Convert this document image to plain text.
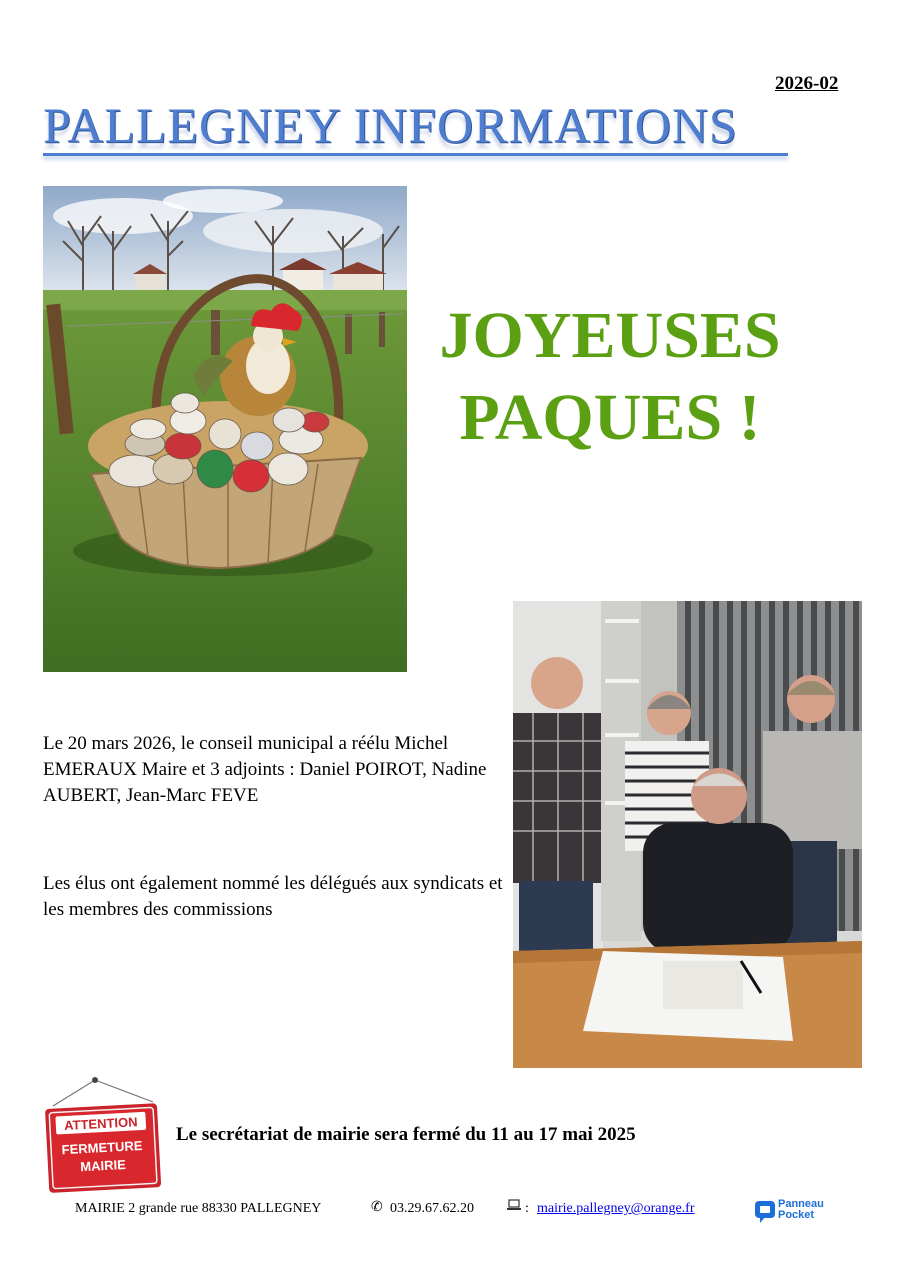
2026-02
PALLEGNEY INFORMATIONS
JOYEUSES
PAQUES !
Le 20 mars 2026, le conseil municipal a réélu Michel EMERAUX Maire et 3 adjoints : Daniel POIROT, Nadine AUBERT, Jean-Marc FEVE
Les élus ont également nommé les délégués aux syndicats et les membres des commissions
ATTENTION
FERMETURE
MAIRIE
Le secrétariat de mairie sera fermé du 11 au 17 mai 2025
MAIRIE 2 grande rue 88330 PALLEGNEY	✆ 03.29.67.62.20	: mairie.pallegney@orange.fr	Panneau
Pocket
